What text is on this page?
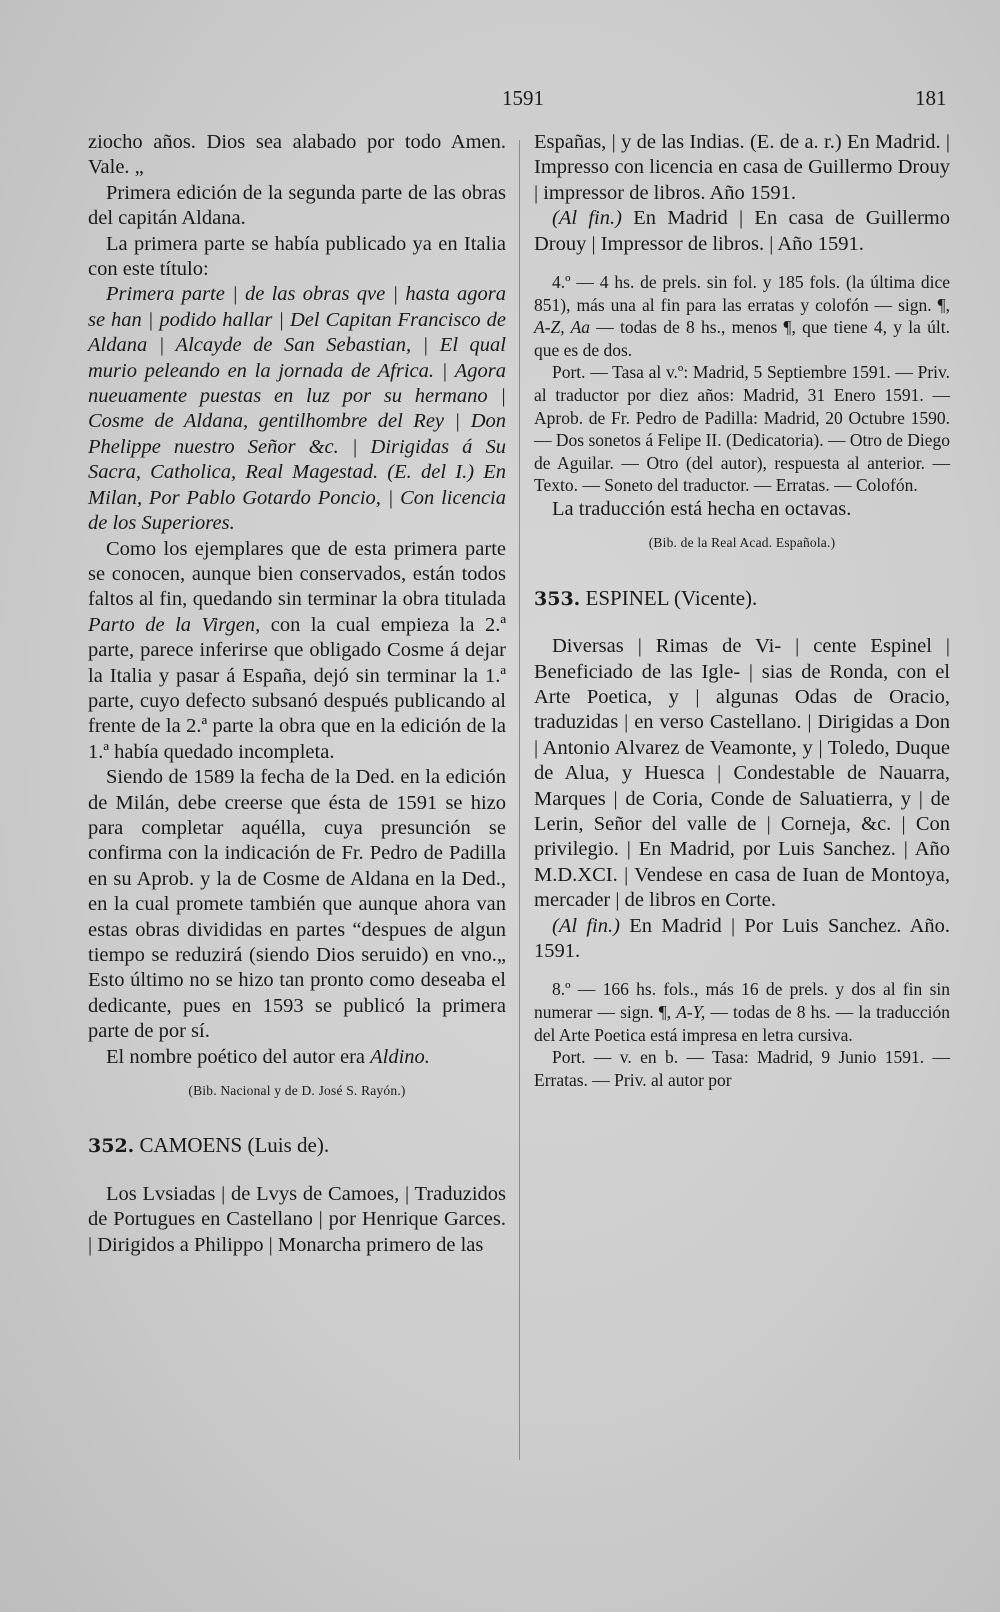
1591	181

ziocho años. Dios sea alabado por todo Amen. Vale. „

Primera edición de la segunda parte de las obras del capitán Aldana.

La primera parte se había publicado ya en Italia con este título:

Primera parte | de las obras qve | hasta agora se han | podido hallar | Del Capitan Francisco de Aldana | Alcayde de San Sebastian, | El qual murio peleando en la jornada de Africa. | Agora nueuamente puestas en luz por su hermano | Cosme de Aldana, gentilhombre del Rey | Don Phelippe nuestro Señor &c. | Dirigidas á Su Sacra, Catholica, Real Magestad. (E. del I.) En Milan, Por Pablo Gotardo Poncio, | Con licencia de los Superiores.

Como los ejemplares que de esta primera parte se conocen, aunque bien conservados, están todos faltos al fin, quedando sin terminar la obra titulada Parto de la Virgen, con la cual empieza la 2.ª parte, parece inferirse que obligado Cosme á dejar la Italia y pasar á España, dejó sin terminar la 1.ª parte, cuyo defecto subsanó después publicando al frente de la 2.ª parte la obra que en la edición de la 1.ª había quedado incompleta.

Siendo de 1589 la fecha de la Ded. en la edición de Milán, debe creerse que ésta de 1591 se hizo para completar aquélla, cuya presunción se confirma con la indicación de Fr. Pedro de Padilla en su Aprob. y la de Cosme de Aldana en la Ded., en la cual promete también que aunque ahora van estas obras divididas en partes “despues de algun tiempo se reduzirá (siendo Dios seruido) en vno.„ Esto último no se hizo tan pronto como deseaba el dedicante, pues en 1593 se publicó la primera parte de por sí.

El nombre poético del autor era Aldino.

(Bib. Nacional y de D. José S. Rayón.)

352. CAMOENS (Luis de).

Los Lvsiadas | de Lvys de Camoes, | Traduzidos de Portugues en Castellano | por Henrique Garces. | Dirigidos a Philippo | Monarcha primero de las

Españas, | y de las Indias. (E. de a. r.) En Madrid. | Impresso con licencia en casa de Guillermo Drouy | impressor de libros. Año 1591.

(Al fin.) En Madrid | En casa de Guillermo Drouy | Impressor de libros. | Año 1591.

4.º — 4 hs. de prels. sin fol. y 185 fols. (la última dice 851), más una al fin para las erratas y colofón — sign. ¶, A-Z, Aa — todas de 8 hs., menos ¶, que tiene 4, y la últ. que es de dos.

Port. — Tasa al v.º: Madrid, 5 Septiembre 1591. — Priv. al traductor por diez años: Madrid, 31 Enero 1591. — Aprob. de Fr. Pedro de Padilla: Madrid, 20 Octubre 1590. — Dos sonetos á Felipe II. (Dedicatoria). — Otro de Diego de Aguilar. — Otro (del autor), respuesta al anterior. — Texto. — Soneto del traductor. — Erratas. — Colofón.

La traducción está hecha en octavas.

(Bib. de la Real Acad. Española.)

353. ESPINEL (Vicente).

Diversas | Rimas de Vi- | cente Espinel | Beneficiado de las Igle- | sias de Ronda, con el Arte Poetica, y | algunas Odas de Oracio, traduzidas | en verso Castellano. | Dirigidas a Don | Antonio Alvarez de Veamonte, y | Toledo, Duque de Alua, y Huesca | Condestable de Nauarra, Marques | de Coria, Conde de Saluatierra, y | de Lerin, Señor del valle de | Corneja, &c. | Con privilegio. | En Madrid, por Luis Sanchez. | Año M.D.XCI. | Vendese en casa de Iuan de Montoya, mercader | de libros en Corte.

(Al fin.) En Madrid | Por Luis Sanchez. Año. 1591.

8.º — 166 hs. fols., más 16 de prels. y dos al fin sin numerar — sign. ¶, A-Y, — todas de 8 hs. — la traducción del Arte Poetica está impresa en letra cursiva.

Port. — v. en b. — Tasa: Madrid, 9 Junio 1591. — Erratas. — Priv. al autor por
